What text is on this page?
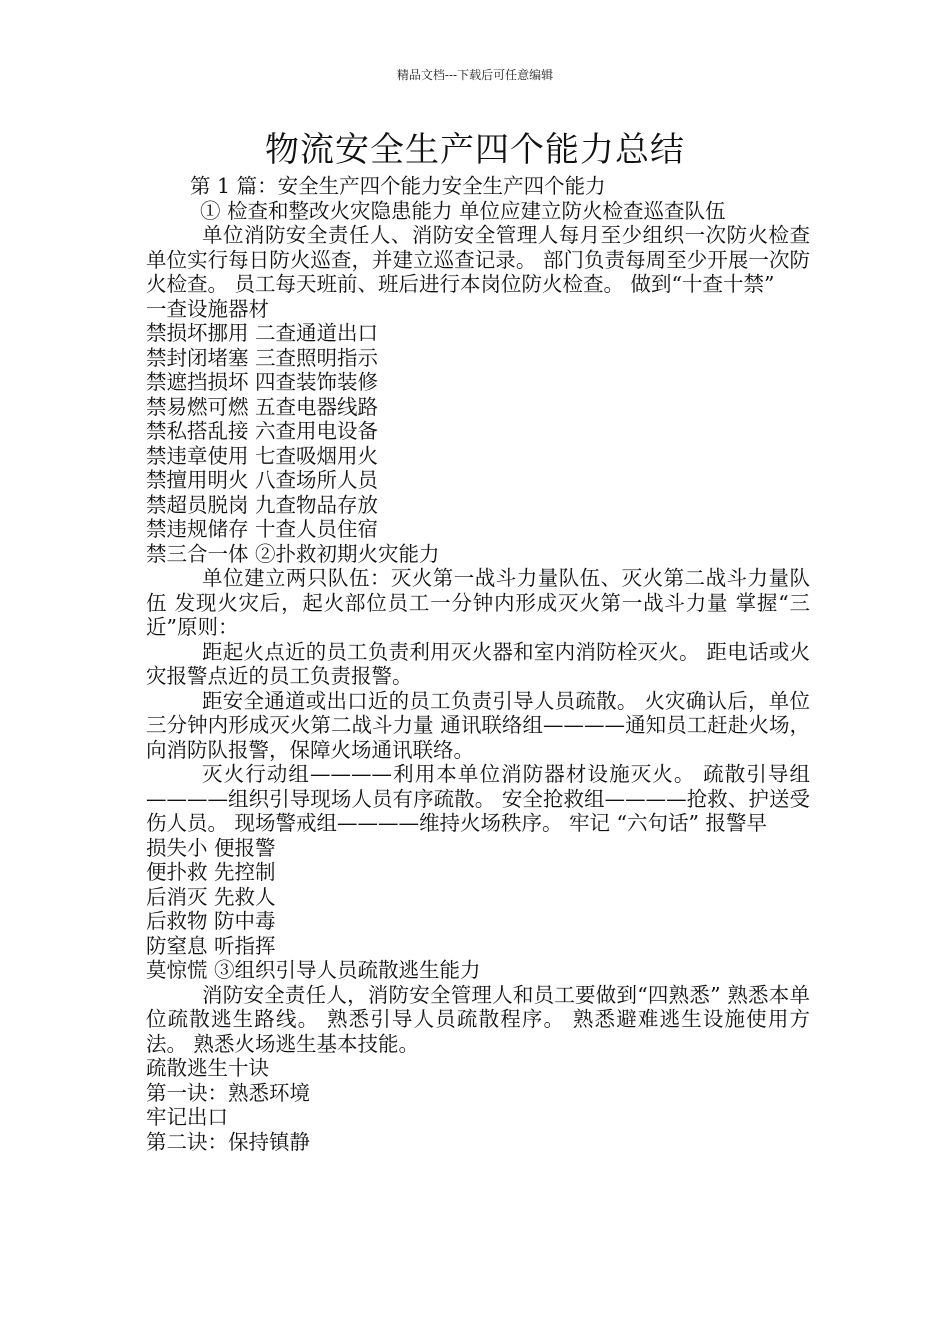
精品文档---下载后可任意编辑
物流安全生产四个能力总结

第 1 篇：安全生产四个能力安全生产四个能力

① 检查和整改火灾隐患能力 单位应建立防火检查巡查队伍

单位消防安全责任人、消防安全管理人每月至少组织一次防火检查 单位实行每日防火巡查，并建立巡查记录。 部门负责每周至少开展一次防火检查。 员工每天班前、班后进行本岗位防火检查。 做到“十查十禁”

一查设施器材

禁损坏挪用 二查通道出口

禁封闭堵塞 三查照明指示

禁遮挡损坏 四查装饰装修

禁易燃可燃 五查电器线路

禁私搭乱接 六查用电设备

禁违章使用 七查吸烟用火

禁擅用明火 八查场所人员

禁超员脱岗 九查物品存放

禁违规储存 十查人员住宿

禁三合一体 ②扑救初期火灾能力

单位建立两只队伍：灭火第一战斗力量队伍、灭火第二战斗力量队伍 发现火灾后，起火部位员工一分钟内形成灭火第一战斗力量 掌握“三近”原则：

距起火点近的员工负责利用灭火器和室内消防栓灭火。 距电话或火灾报警点近的员工负责报警。

距安全通道或出口近的员工负责引导人员疏散。 火灾确认后，单位三分钟内形成灭火第二战斗力量 通讯联络组————通知员工赶赴火场，向消防队报警，保障火场通讯联络。

灭火行动组————利用本单位消防器材设施灭火。 疏散引导组————组织引导现场人员有序疏散。 安全抢救组————抢救、护送受伤人员。 现场警戒组————维持火场秩序。 牢记 “六句话” 报警早

损失小 便报警

便扑救 先控制

后消灭 先救人

后救物 防中毒

防窒息 听指挥

莫惊慌 ③组织引导人员疏散逃生能力

消防安全责任人，消防安全管理人和员工要做到“四熟悉” 熟悉本单位疏散逃生路线。 熟悉引导人员疏散程序。 熟悉避难逃生设施使用方法。 熟悉火场逃生基本技能。

疏散逃生十诀

第一诀：熟悉环境

牢记出口

第二诀：保持镇静
